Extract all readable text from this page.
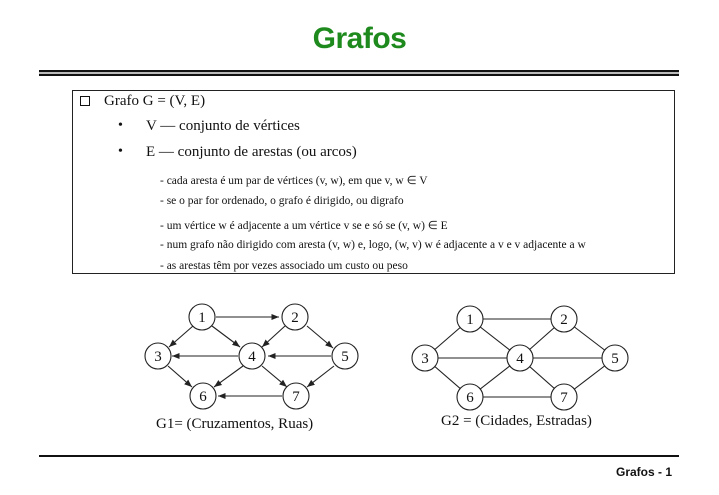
Grafos
Grafo G = (V, E)
• V — conjunto de vértices
• E — conjunto de arestas (ou arcos)
- cada aresta é um par de vértices (v, w), em que v, w ∈ V
- se o par for ordenado, o grafo é dirigido, ou digrafo
- um vértice w é adjacente a um vértice v se e só se (v, w) ∈ E
- num grafo não dirigido com aresta (v, w) e, logo, (w, v) w é adjacente a v e v adjacente a w
- as arestas têm por vezes associado um custo ou peso
1	2
3	4	5
6	7
1	2
3	4	5
6	7
G1= (Cruzamentos, Ruas)	G2 = (Cidades, Estradas)
Grafos - 1
